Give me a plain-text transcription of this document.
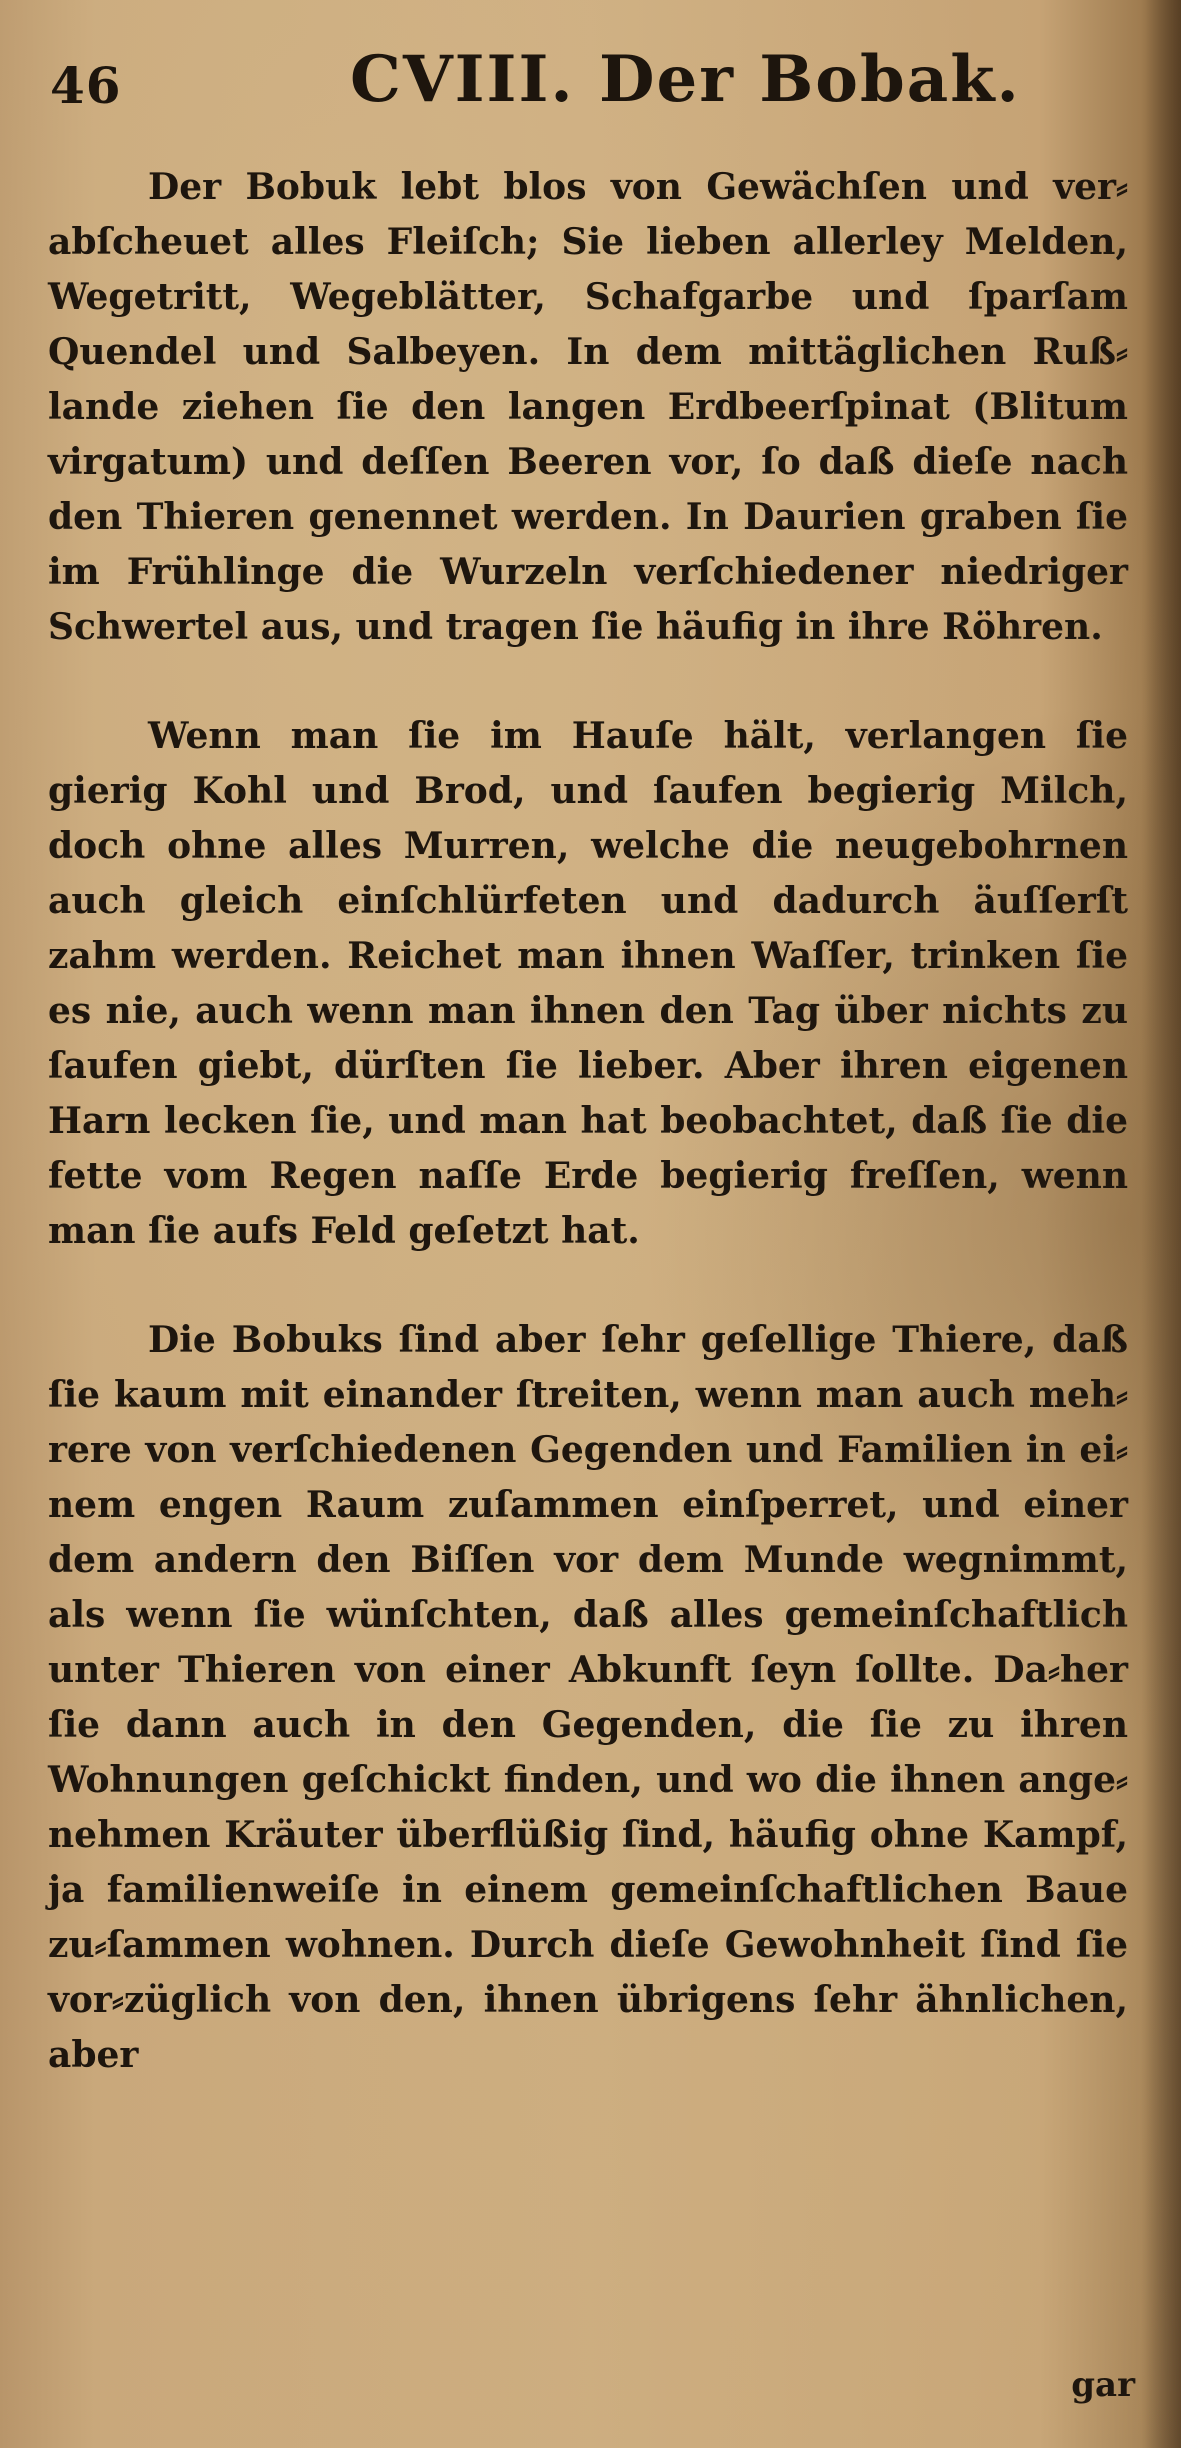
46	CVIII. Der Bobak.

Der Bobuk lebt blos von Gewächſen und ver⸗abſcheuet alles Fleiſch; Sie lieben allerley Melden, Wegetritt, Wegeblätter, Schafgarbe und ſparſam Quendel und Salbeyen. In dem mittäglichen Ruß⸗lande ziehen ſie den langen Erdbeerſpinat (Blitum virgatum) und deſſen Beeren vor, ſo daß dieſe nach den Thieren genennet werden. In Daurien graben ſie im Frühlinge die Wurzeln verſchiedener niedriger Schwertel aus, und tragen ſie häufig in ihre Röhren.

Wenn man ſie im Hauſe hält, verlangen ſie gierig Kohl und Brod, und ſaufen begierig Milch, doch ohne alles Murren, welche die neugebohrnen auch gleich einſchlürfeten und dadurch äuſſerſt zahm werden. Reichet man ihnen Waſſer, trinken ſie es nie, auch wenn man ihnen den Tag über nichts zu ſaufen giebt, dürſten ſie lieber. Aber ihren eigenen Harn lecken ſie, und man hat beobachtet, daß ſie die fette vom Regen naſſe Erde begierig freſſen, wenn man ſie aufs Feld geſetzt hat.

Die Bobuks ſind aber ſehr geſellige Thiere, daß ſie kaum mit einander ſtreiten, wenn man auch meh⸗rere von verſchiedenen Gegenden und Familien in ei⸗nem engen Raum zuſammen einſperret, und einer dem andern den Biſſen vor dem Munde wegnimmt, als wenn ſie wünſchten, daß alles gemeinſchaftlich unter Thieren von einer Abkunft ſeyn ſollte. Da⸗her ſie dann auch in den Gegenden, die ſie zu ihren Wohnungen geſchickt finden, und wo die ihnen ange⸗nehmen Kräuter überflüßig ſind, häufig ohne Kampf, ja familienweiſe in einem gemeinſchaftlichen Baue zu⸗ſammen wohnen. Durch dieſe Gewohnheit ſind ſie vor⸗züglich von den, ihnen übrigens ſehr ähnlichen, aber

gar
